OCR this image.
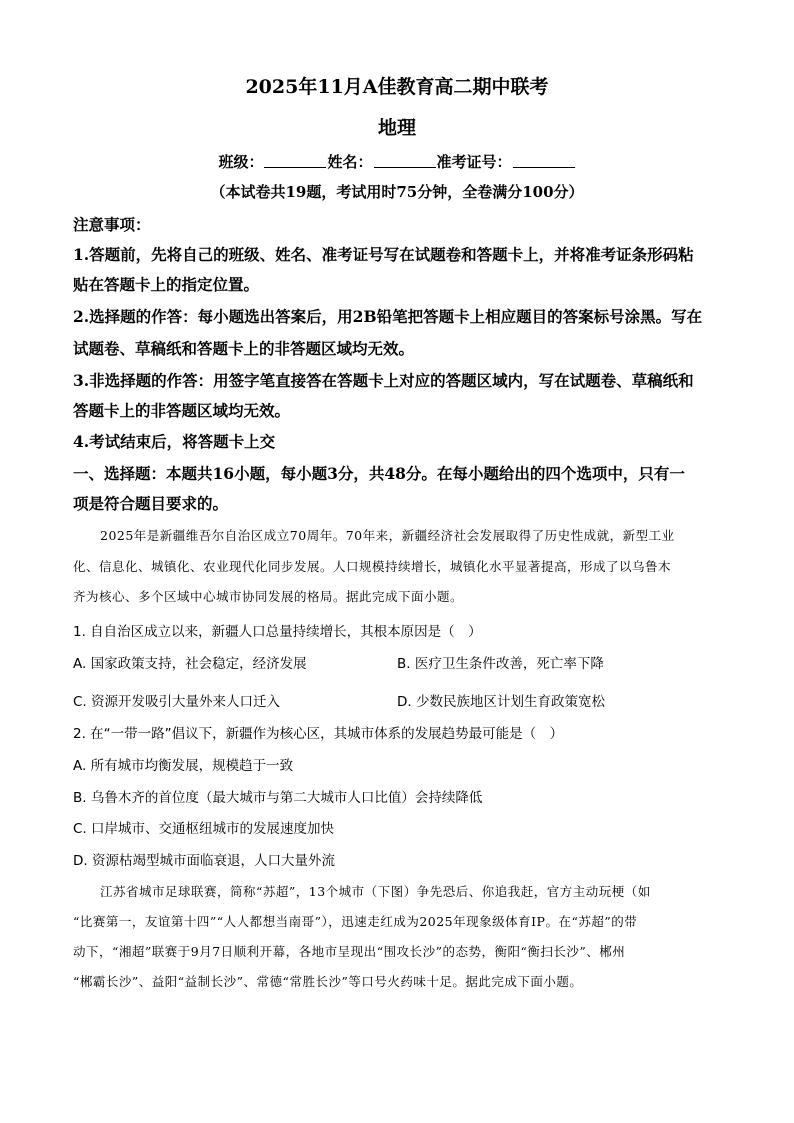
2025年11月A佳教育高二期中联考
地理
班级：	姓名：	准考证号：
（本试卷共19题，考试用时75分钟，全卷满分100分）
注意事项：
1.答题前，先将自己的班级、姓名、准考证号写在试题卷和答题卡上，并将准考证条形码粘
贴在答题卡上的指定位置。
2.选择题的作答：每小题选出答案后，用2B铅笔把答题卡上相应题目的答案标号涂黑。写在
试题卷、草稿纸和答题卡上的非答题区域均无效。
3.非选择题的作答：用签字笔直接答在答题卡上对应的答题区域内，写在试题卷、草稿纸和
答题卡上的非答题区域均无效。
4.考试结束后，将答题卡上交
一、选择题：本题共16小题，每小题3分，共48分。在每小题给出的四个选项中，只有一
项是符合题目要求的。
2025年是新疆维吾尔自治区成立70周年。70年来，新疆经济社会发展取得了历史性成就，新型工业
化、信息化、城镇化、农业现代化同步发展。人口规模持续增长，城镇化水平显著提高，形成了以乌鲁木
齐为核心、多个区域中心城市协同发展的格局。据此完成下面小题。
1. 自自治区成立以来，新疆人口总量持续增长，其根本原因是（　）
A. 国家政策支持，社会稳定，经济发展	B. 医疗卫生条件改善，死亡率下降
C. 资源开发吸引大量外来人口迁入	D. 少数民族地区计划生育政策宽松
2. 在“一带一路”倡议下，新疆作为核心区，其城市体系的发展趋势最可能是（　）
A. 所有城市均衡发展，规模趋于一致
B. 乌鲁木齐的首位度（最大城市与第二大城市人口比值）会持续降低
C. 口岸城市、交通枢纽城市的发展速度加快
D. 资源枯竭型城市面临衰退，人口大量外流
江苏省城市足球联赛，简称“苏超”，13个城市（下图）争先恐后、你追我赶，官方主动玩梗（如
“比赛第一，友谊第十四”“人人都想当南哥”），迅速走红成为2025年现象级体育IP。在“苏超”的带
动下，“湘超”联赛于9月7日顺利开幕，各地市呈现出“围攻长沙”的态势，衡阳“衡扫长沙”、郴州
“郴霸长沙”、益阳“益制长沙”、常德“常胜长沙”等口号火药味十足。据此完成下面小题。
